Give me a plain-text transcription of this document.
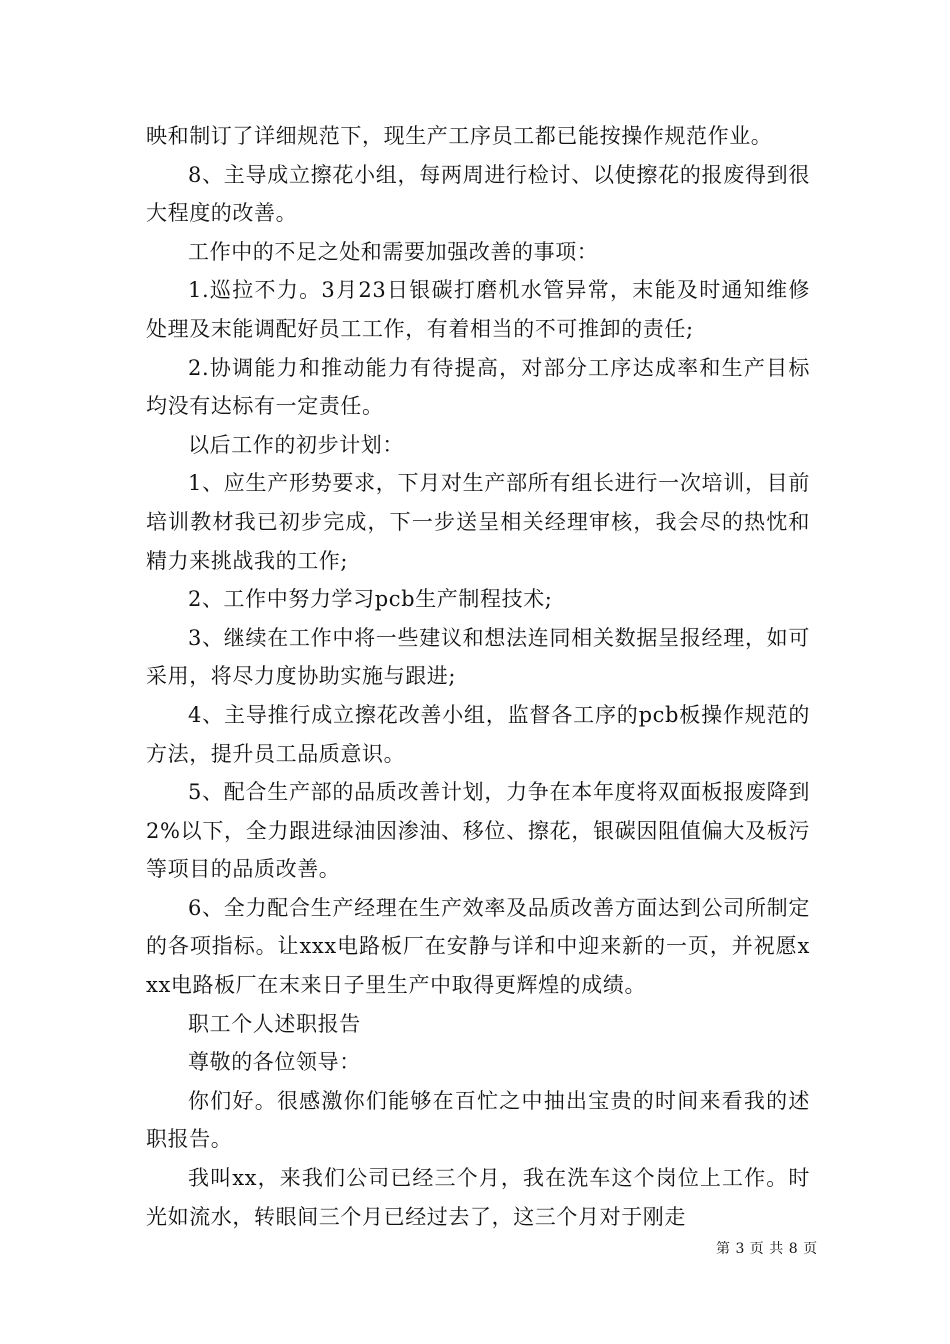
映和制订了详细规范下，现生产工序员工都已能按操作规范作业。

8、主导成立擦花小组，每两周进行检讨、以使擦花的报废得到很大程度的改善。

工作中的不足之处和需要加强改善的事项：

1.巡拉不力。3月23日银碳打磨机水管异常，末能及时通知维修处理及末能调配好员工工作，有着相当的不可推卸的责任;

2.协调能力和推动能力有待提高，对部分工序达成率和生产目标均没有达标有一定责任。

以后工作的初步计划：

1、应生产形势要求，下月对生产部所有组长进行一次培训，目前培训教材我已初步完成，下一步送呈相关经理审核，我会尽的热忱和精力来挑战我的工作;

2、工作中努力学习pcb生产制程技术;

3、继续在工作中将一些建议和想法连同相关数据呈报经理，如可采用，将尽力度协助实施与跟进;

4、主导推行成立擦花改善小组，监督各工序的pcb板操作规范的方法，提升员工品质意识。

5、配合生产部的品质改善计划，力争在本年度将双面板报废降到2%以下，全力跟进绿油因渗油、移位、擦花，银碳因阻值偏大及板污等项目的品质改善。

6、全力配合生产经理在生产效率及品质改善方面达到公司所制定的各项指标。让xxx电路板厂在安静与详和中迎来新的一页，并祝愿xxx电路板厂在末来日子里生产中取得更辉煌的成绩。

职工个人述职报告

尊敬的各位领导：

你们好。很感激你们能够在百忙之中抽出宝贵的时间来看我的述职报告。

我叫xx，来我们公司已经三个月，我在洗车这个岗位上工作。时光如流水，转眼间三个月已经过去了，这三个月对于刚走

第 3 页 共 8 页
